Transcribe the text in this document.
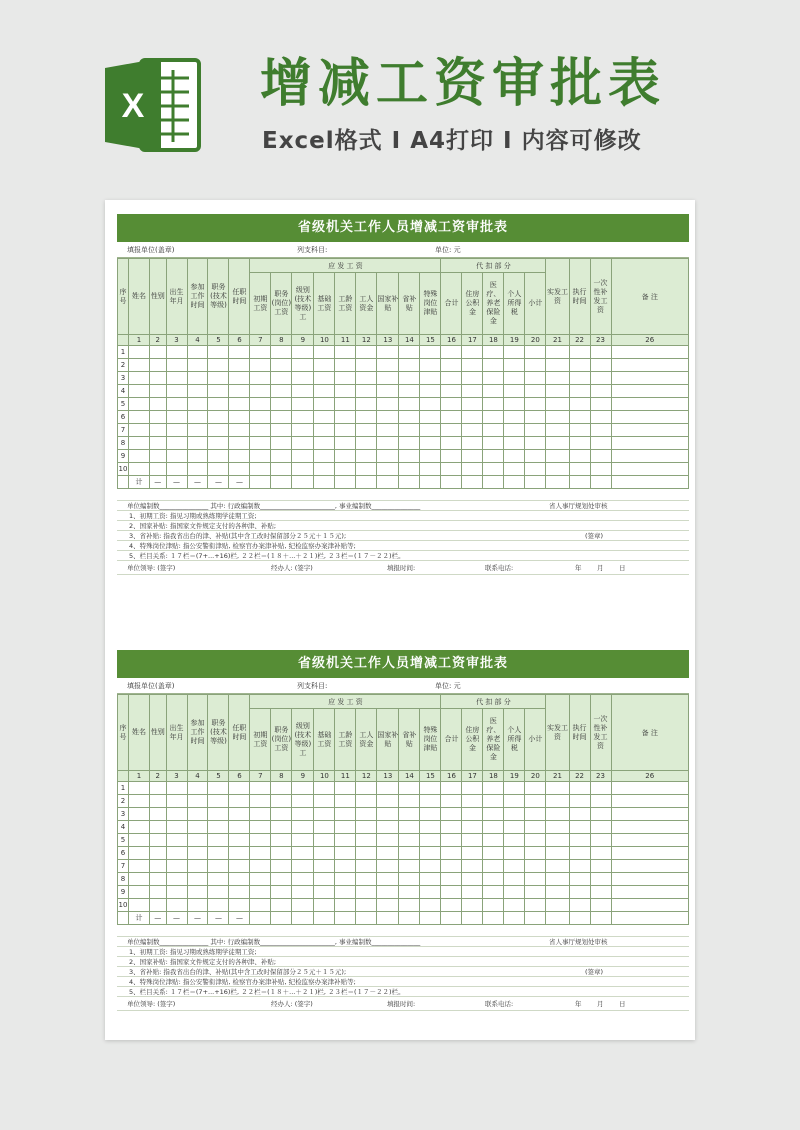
X 增减工资审批表
Excel格式 I A4打印 I 内容可修改
省级机关工作人员增减工资审批表
填报单位(盖章)	列支科目:	单位: 元
序号	姓名	性别	出生年月	参加工作时间	职务(技术等级)	任职时间	应 发 工 资									代 扣 部 分					实发工资	执行时间	一次性补发工资	备 注
							初期工资	职务(岗位)工资	级别(技术等级)工	基础工资	工龄工资	工人资金	国家补贴	省补贴	特殊岗位津贴	合计	住房公积金	医疗、养老保险金	个人所得税	小计				
	1	2	3	4	5	6	7	8	9	10	11	12	13	14	15	16	17	18	19	20	21	22	23	26
1																								
2																								
3																								
4																								
5																								
6																								
7																								
8																								
9																								
10																								
	计	—	—	—	—	—																		
单位编制数_______________ 其中: 行政编制数_______________________, 事业编制数_______________	省人事厅规划处审核
1、初期工资: 指见习期或熟练期学徒期工资;
2、国家补贴: 指国家文件规定支付的各种津、补贴;
3、省补贴: 指我省出台的津、补贴(其中含工改时保留部分２５元＋１５元);	(签章)
4、特殊岗位津贴: 指公安警衔津贴, 检察官办案津补贴, 纪检监察办案津补贴等;
5、栏目关系: １７栏＝(7+...+16)栏, ２２栏＝(１８＋...＋２１)栏, ２３栏＝(１７－２２)栏。
单位领导: (签字)	经办人: (签字)	填报时间:	联系电话:	年 月 日
省级机关工作人员增减工资审批表
填报单位(盖章)	列支科目:	单位: 元
序号	姓名	性别	出生年月	参加工作时间	职务(技术等级)	任职时间	应 发 工 资									代 扣 部 分					实发工资	执行时间	一次性补发工资	备 注
							初期工资	职务(岗位)工资	级别(技术等级)工	基础工资	工龄工资	工人资金	国家补贴	省补贴	特殊岗位津贴	合计	住房公积金	医疗、养老保险金	个人所得税	小计				
	1	2	3	4	5	6	7	8	9	10	11	12	13	14	15	16	17	18	19	20	21	22	23	26
1																								
2																								
3																								
4																								
5																								
6																								
7																								
8																								
9																								
10																								
	计	—	—	—	—	—																		
单位编制数_______________ 其中: 行政编制数_______________________, 事业编制数_______________	省人事厅规划处审核
1、初期工资: 指见习期或熟练期学徒期工资;
2、国家补贴: 指国家文件规定支付的各种津、补贴;
3、省补贴: 指我省出台的津、补贴(其中含工改时保留部分２５元＋１５元);	(签章)
4、特殊岗位津贴: 指公安警衔津贴, 检察官办案津补贴, 纪检监察办案津补贴等;
5、栏目关系: １７栏＝(7+...+16)栏, ２２栏＝(１８＋...＋２１)栏, ２３栏＝(１７－２２)栏。
单位领导: (签字)	经办人: (签字)	填报时间:	联系电话:	年 月 日
